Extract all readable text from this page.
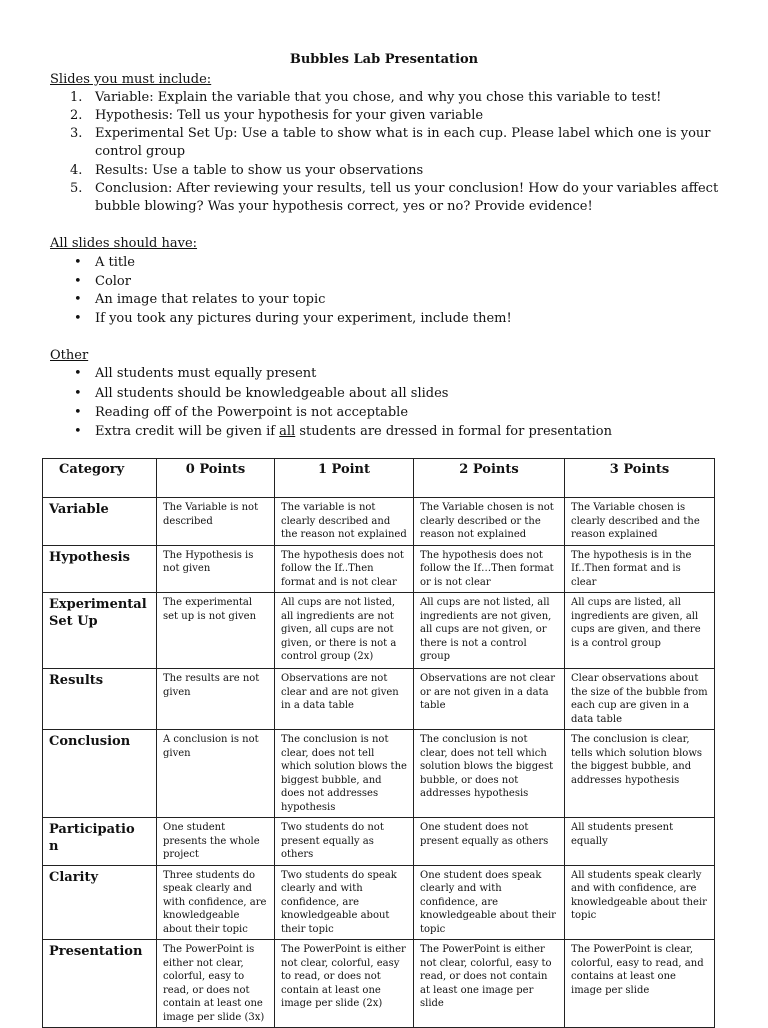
Bubbles Lab Presentation
Slides you must include:
1. Variable: Explain the variable that you chose, and why you chose this variable to test!
2. Hypothesis: Tell us your hypothesis for your given variable
3. Experimental Set Up: Use a table to show what is in each cup. Please label which one is your
control group
4. Results: Use a table to show us your observations
5. Conclusion: After reviewing your results, tell us your conclusion! How do your variables affect
bubble blowing? Was your hypothesis correct, yes or no? Provide evidence!
All slides should have:
• A title
• Color
• An image that relates to your topic
• If you took any pictures during your experiment, include them!
Other
• All students must equally present
• All students should be knowledgeable about all slides
• Reading off of the Powerpoint is not acceptable
• Extra credit will be given if all students are dressed in formal for presentation
Category	0 Points	1 Point	2 Points	3 Points
Variable	The Variable is not described	The variable is not clearly described and the reason not explained	The Variable chosen is not clearly described or the reason not explained	The Variable chosen is clearly described and the reason explained
Hypothesis	The Hypothesis is not given	The hypothesis does not follow the If..Then format and is not clear	The hypothesis does not follow the If…Then format or is not clear	The hypothesis is in the If..Then format and is clear
Experimental Set Up	The experimental set up is not given	All cups are not listed, all ingredients are not given, all cups are not given, or there is not a control group (2x)	All cups are not listed, all ingredients are not given, all cups are not given, or there is not a control group	All cups are listed, all ingredients are given, all cups are given, and there is a control group
Results	The results are not given	Observations are not clear and are not given in a data table	Observations are not clear or are not given in a data table	Clear observations about the size of the bubble from each cup are given in a data table
Conclusion	A conclusion is not given	The conclusion is not clear, does not tell which solution blows the biggest bubble, and does not addresses hypothesis	The conclusion is not clear, does not tell which solution blows the biggest bubble, or does not addresses hypothesis	The conclusion is clear, tells which solution blows the biggest bubble, and addresses hypothesis
Participatio
n	One student presents the whole project	Two students do not present equally as others	One student does not present equally as others	All students present equally
Clarity	Three students do speak clearly and with confidence, are knowledgeable about their topic	Two students do speak clearly and with confidence, are knowledgeable about their topic	One student does speak clearly and with confidence, are knowledgeable about their topic	All students speak clearly and with confidence, are knowledgeable about their topic
Presentation	The PowerPoint is either not clear, colorful, easy to read, or does not contain at least one image per slide (3x)	The PowerPoint is either not clear, colorful, easy to read, or does not contain at least one image per slide (2x)	The PowerPoint is either not clear, colorful, easy to read, or does not contain at least one image per slide	The PowerPoint is clear, colorful, easy to read, and contains at least one image per slide
